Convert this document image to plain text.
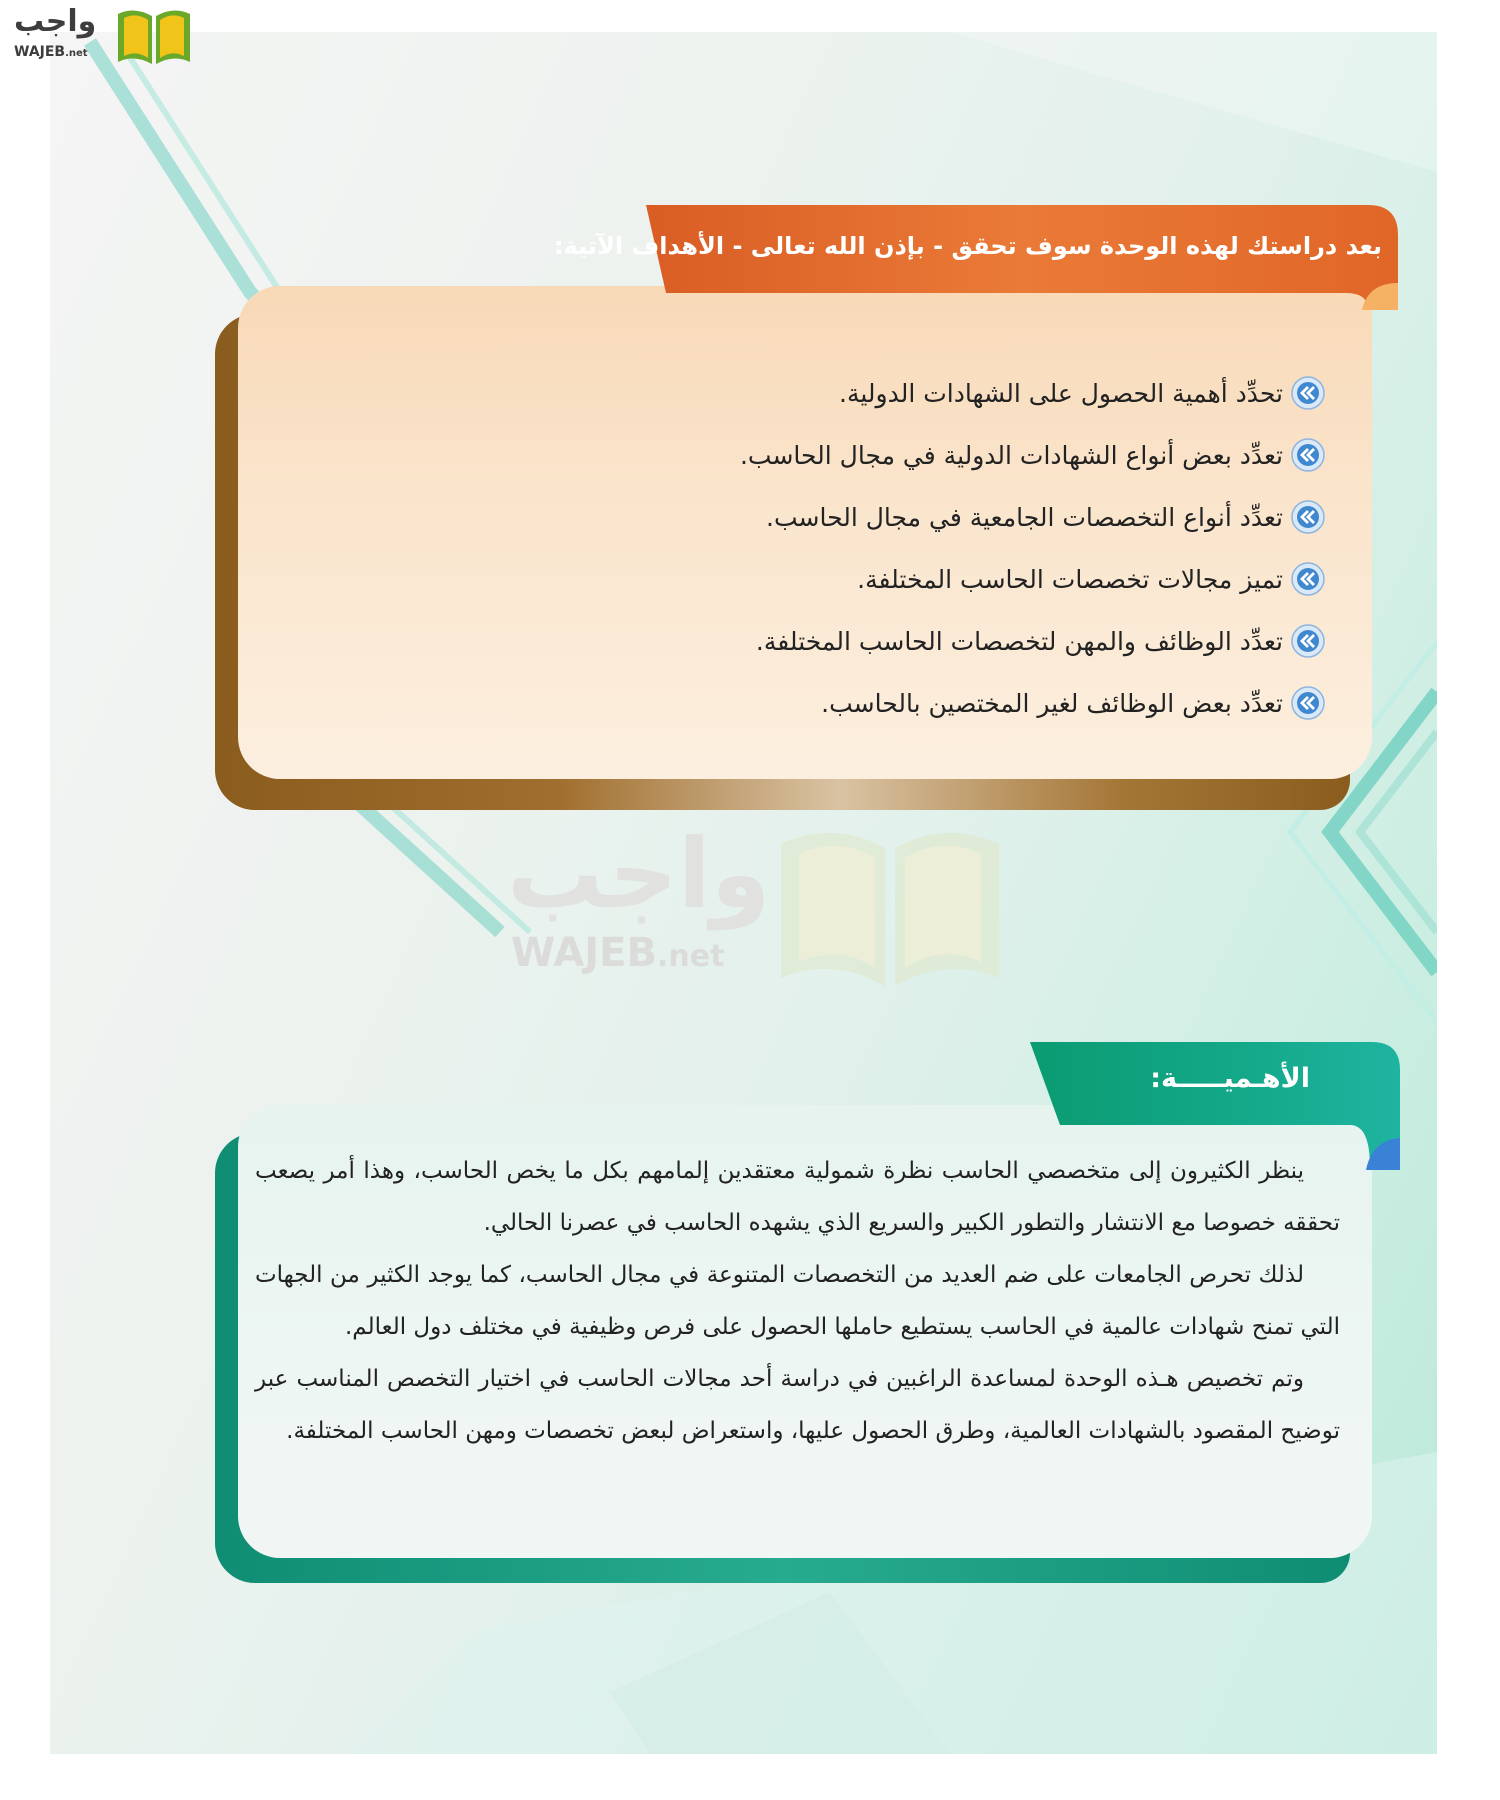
واجب
WAJEB.net
بعد دراستك لهذه الوحدة سوف تحقق - بإذن الله تعالى - الأهداف الآتية:
تحدِّد أهمية الحصول على الشهادات الدولية.
تعدِّد بعض أنواع الشهادات الدولية في مجال الحاسب.
تعدِّد أنواع التخصصات الجامعية في مجال الحاسب.
تميز مجالات تخصصات الحاسب المختلفة.
تعدِّد الوظائف والمهن لتخصصات الحاسب المختلفة.
تعدِّد بعض الوظائف لغير المختصين بالحاسب.
واجب
WAJEB.net
الأهـميـــــة:

ينظر الكثيرون إلى متخصصي الحاسب نظرة شمولية معتقدين إلمامهم بكل ما يخص الحاسب، وهذا أمر يصعب تحققه خصوصا مع الانتشار والتطور الكبير والسريع الذي يشهده الحاسب في عصرنا الحالي.

لذلك تحرص الجامعات على ضم العديد من التخصصات المتنوعة في مجال الحاسب، كما يوجد الكثير من الجهات التي تمنح شهادات عالمية في الحاسب يستطيع حاملها الحصول على فرص وظيفية في مختلف دول العالم.

وتم تخصيص هـذه الوحدة لمساعدة الراغبين في دراسة أحد مجالات الحاسب في اختيار التخصص المناسب عبر توضيح المقصود بالشهادات العالمية، وطرق الحصول عليها، واستعراض لبعض تخصصات ومهن الحاسب المختلفة.
